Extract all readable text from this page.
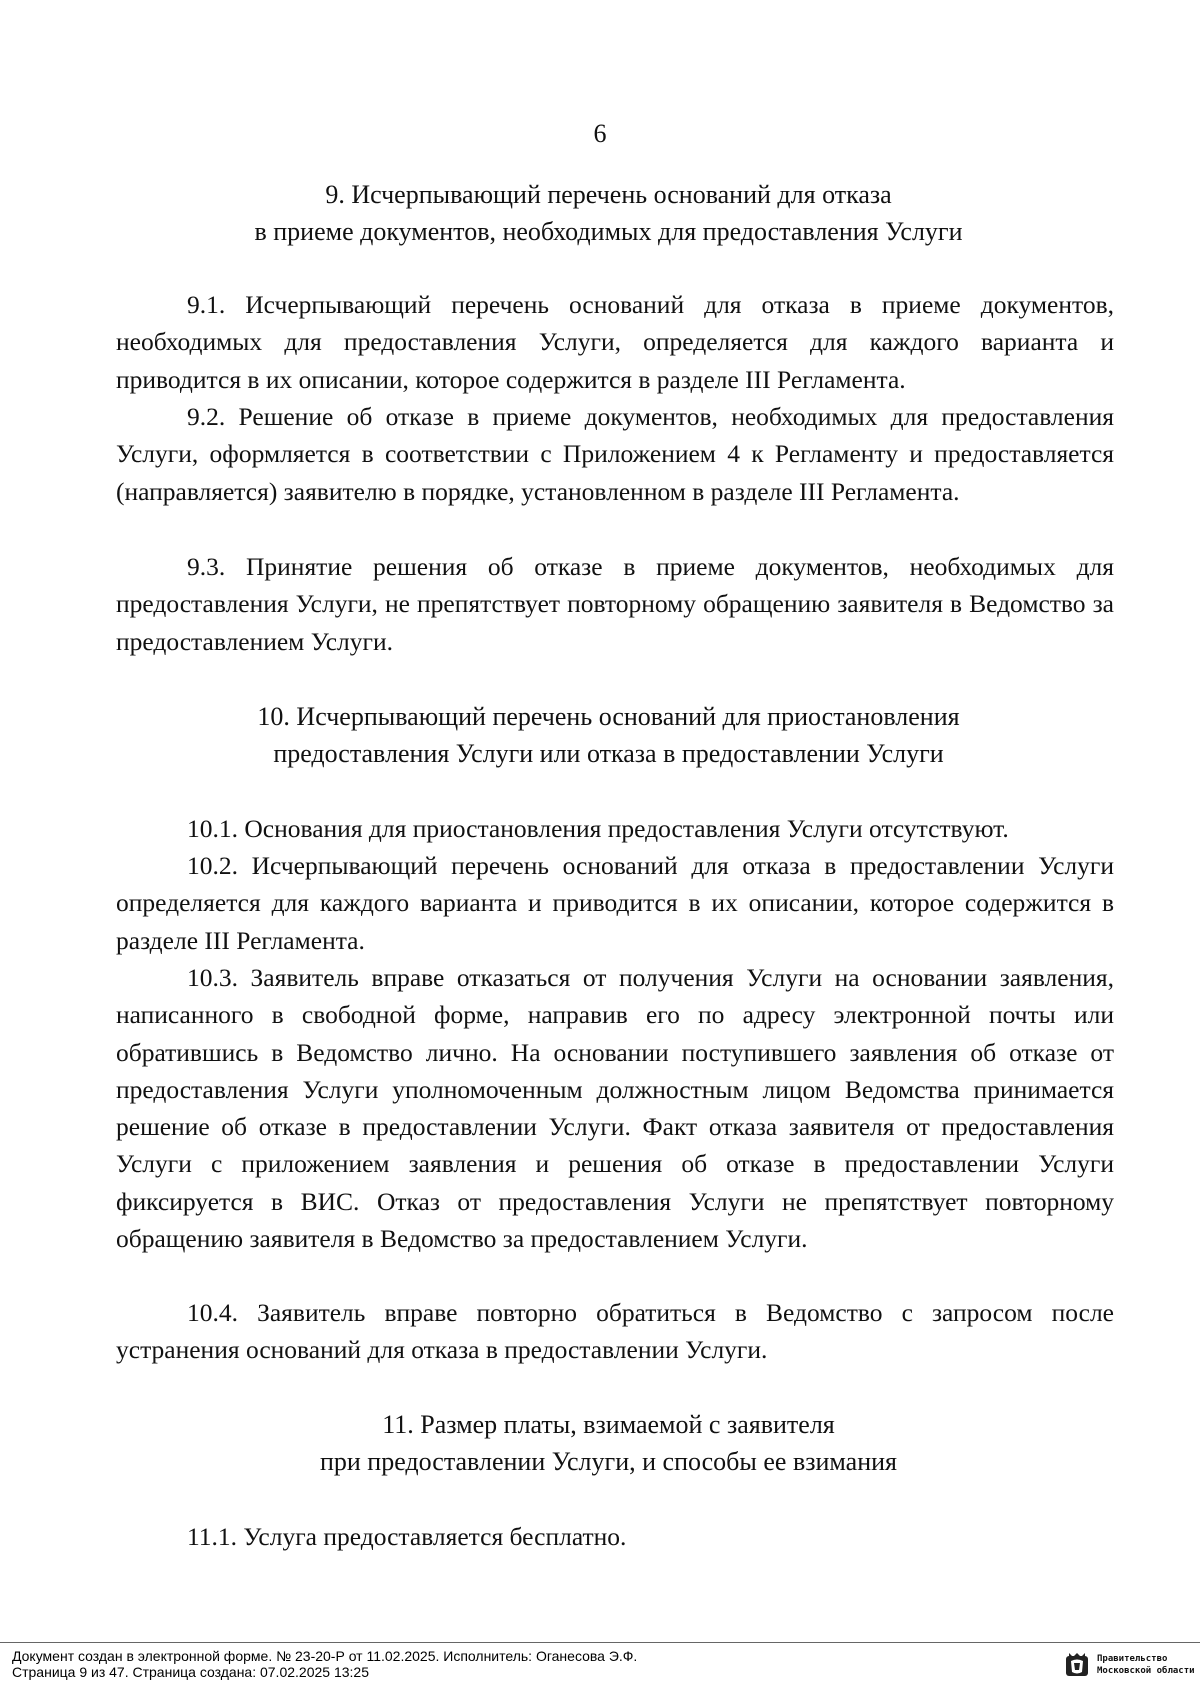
6
9. Исчерпывающий перечень оснований для отказа
в приеме документов, необходимых для предоставления Услуги

9.1. Исчерпывающий перечень оснований для отказа в приеме документов, необходимых для предоставления Услуги, определяется для каждого варианта и приводится в их описании, которое содержится в разделе III Регламента.

9.2. Решение об отказе в приеме документов, необходимых для предоставления Услуги, оформляется в соответствии с Приложением 4 к Регламенту и предоставляется (направляется) заявителю в порядке, установленном в разделе III Регламента.

9.3. Принятие решения об отказе в приеме документов, необходимых для предоставления Услуги, не препятствует повторному обращению заявителя в Ведомство за предоставлением Услуги.

10. Исчерпывающий перечень оснований для приостановления
предоставления Услуги или отказа в предоставлении Услуги

10.1. Основания для приостановления предоставления Услуги отсутствуют.

10.2. Исчерпывающий перечень оснований для отказа в предоставлении Услуги определяется для каждого варианта и приводится в их описании, которое содержится в разделе III Регламента.

10.3. Заявитель вправе отказаться от получения Услуги на основании заявления, написанного в свободной форме, направив его по адресу электронной почты или обратившись в Ведомство лично. На основании поступившего заявления об отказе от предоставления Услуги уполномоченным должностным лицом Ведомства принимается решение об отказе в предоставлении Услуги. Факт отказа заявителя от предоставления Услуги с приложением заявления и решения об отказе в предоставлении Услуги фиксируется в ВИС. Отказ от предоставления Услуги не препятствует повторному обращению заявителя в Ведомство за предоставлением Услуги.

10.4. Заявитель вправе повторно обратиться в Ведомство с запросом после устранения оснований для отказа в предоставлении Услуги.

11. Размер платы, взимаемой с заявителя
при предоставлении Услуги, и способы ее взимания

11.1. Услуга предоставляется бесплатно.

Документ создан в электронной форме. № 23-20-Р от 11.02.2025. Исполнитель: Оганесова Э.Ф.
Страница 9 из 47. Страница создана: 07.02.2025 13:25
Правительство
Московской области
